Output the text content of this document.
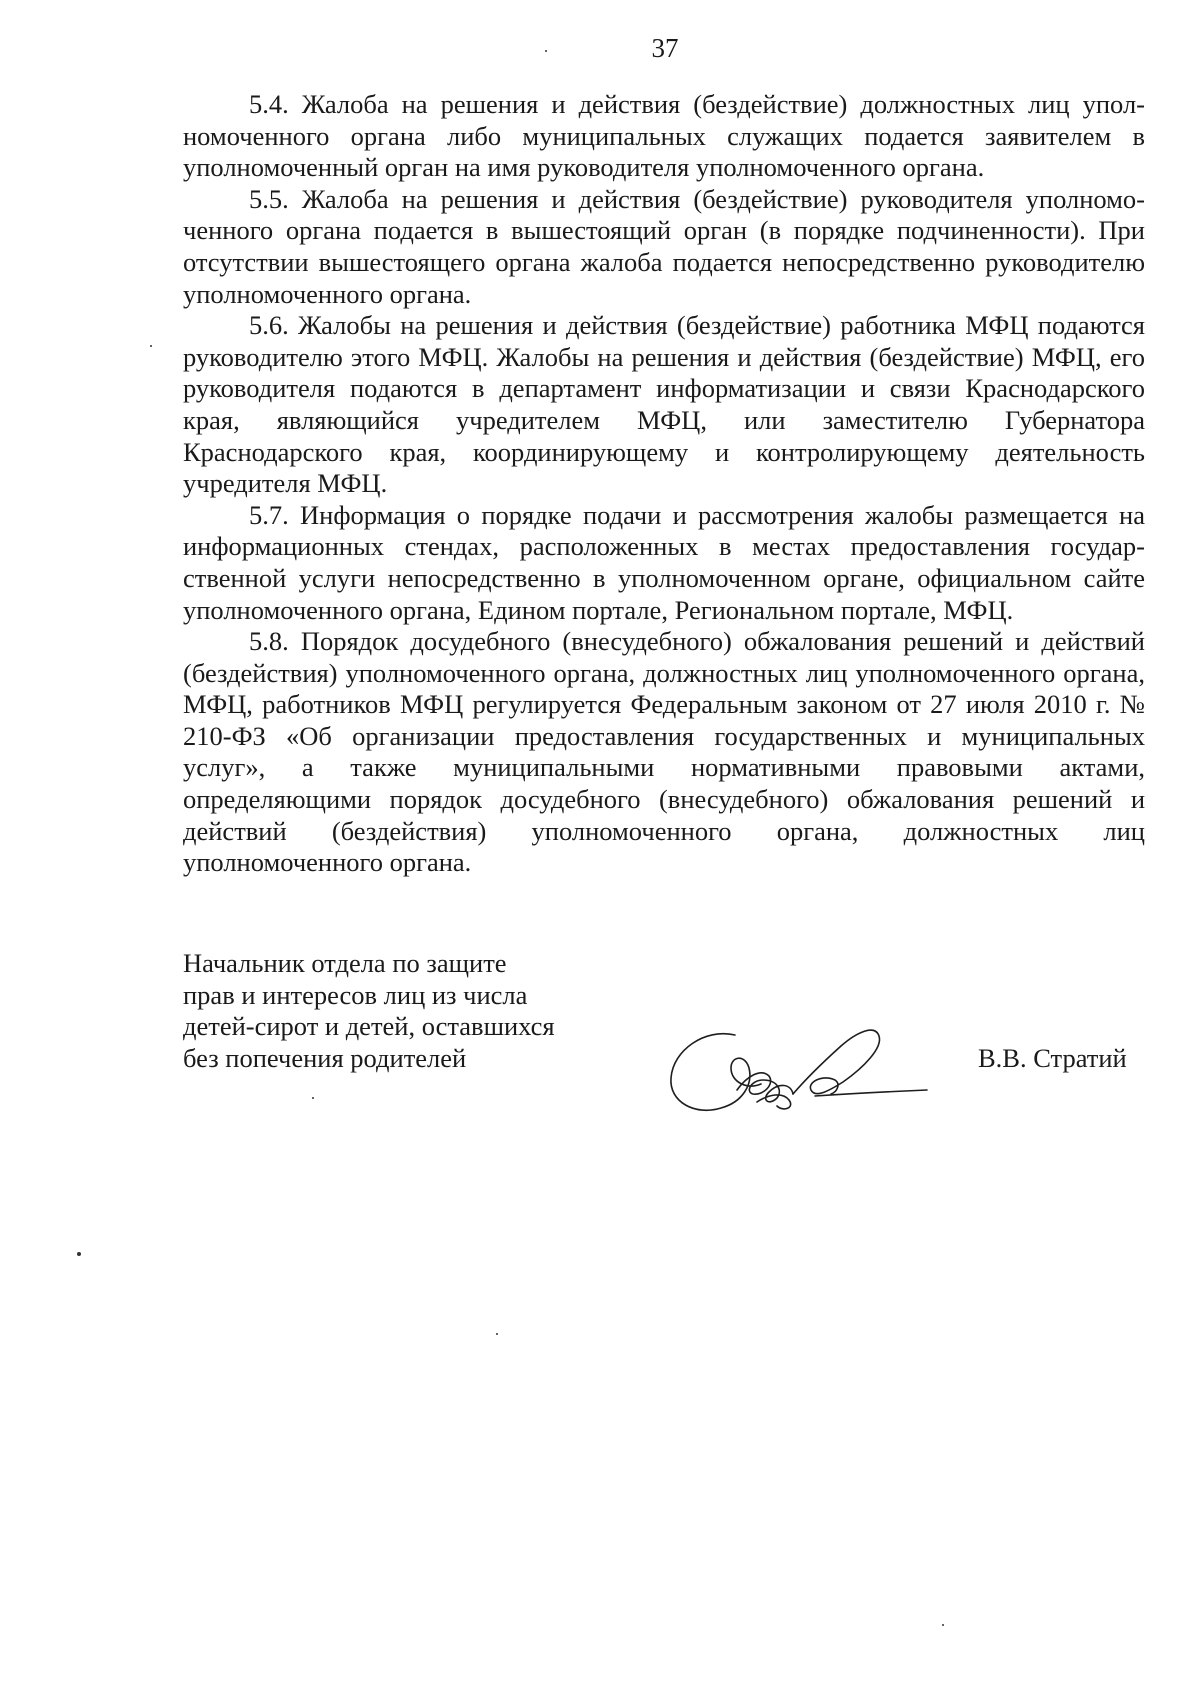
37

5.4. Жалоба на решения и действия (бездействие) должностных лиц уполномоченного органа либо муниципальных служащих подается заявителем в уполномоченный орган на имя руководителя уполномоченного органа.

5.5. Жалоба на решения и действия (бездействие) руководителя уполномоченного органа подается в вышестоящий орган (в порядке подчиненности). При отсутствии вышестоящего органа жалоба подается непосредственно руководителю уполномоченного органа.

5.6. Жалобы на решения и действия (бездействие) работника МФЦ подаются руководителю этого МФЦ. Жалобы на решения и действия (бездействие) МФЦ, его руководителя подаются в департамент информатизации и связи Краснодарского края, являющийся учредителем МФЦ, или заместителю Губернатора Краснодарского края, координирующему и контролирующему деятельность учредителя МФЦ.

5.7. Информация о порядке подачи и рассмотрения жалобы размещается на информационных стендах, расположенных в местах предоставления государственной услуги непосредственно в уполномоченном органе, официальном сайте уполномоченного органа, Едином портале, Региональном портале, МФЦ.

5.8. Порядок досудебного (внесудебного) обжалования решений и действий (бездействия) уполномоченного органа, должностных лиц уполномоченного органа, МФЦ, работников МФЦ регулируется Федеральным законом от 27 июля 2010 г. № 210-ФЗ «Об организации предоставления государственных и муниципальных услуг», а также муниципальными нормативными правовыми актами, определяющими порядок досудебного (внесудебного) обжалования решений и действий (бездействия) уполномоченного органа, должностных лиц уполномоченного органа.

Начальник отдела по защите
прав и интересов лиц из числа
детей-сирот и детей, оставшихся
без попечения родителей	В.В. Стратий
